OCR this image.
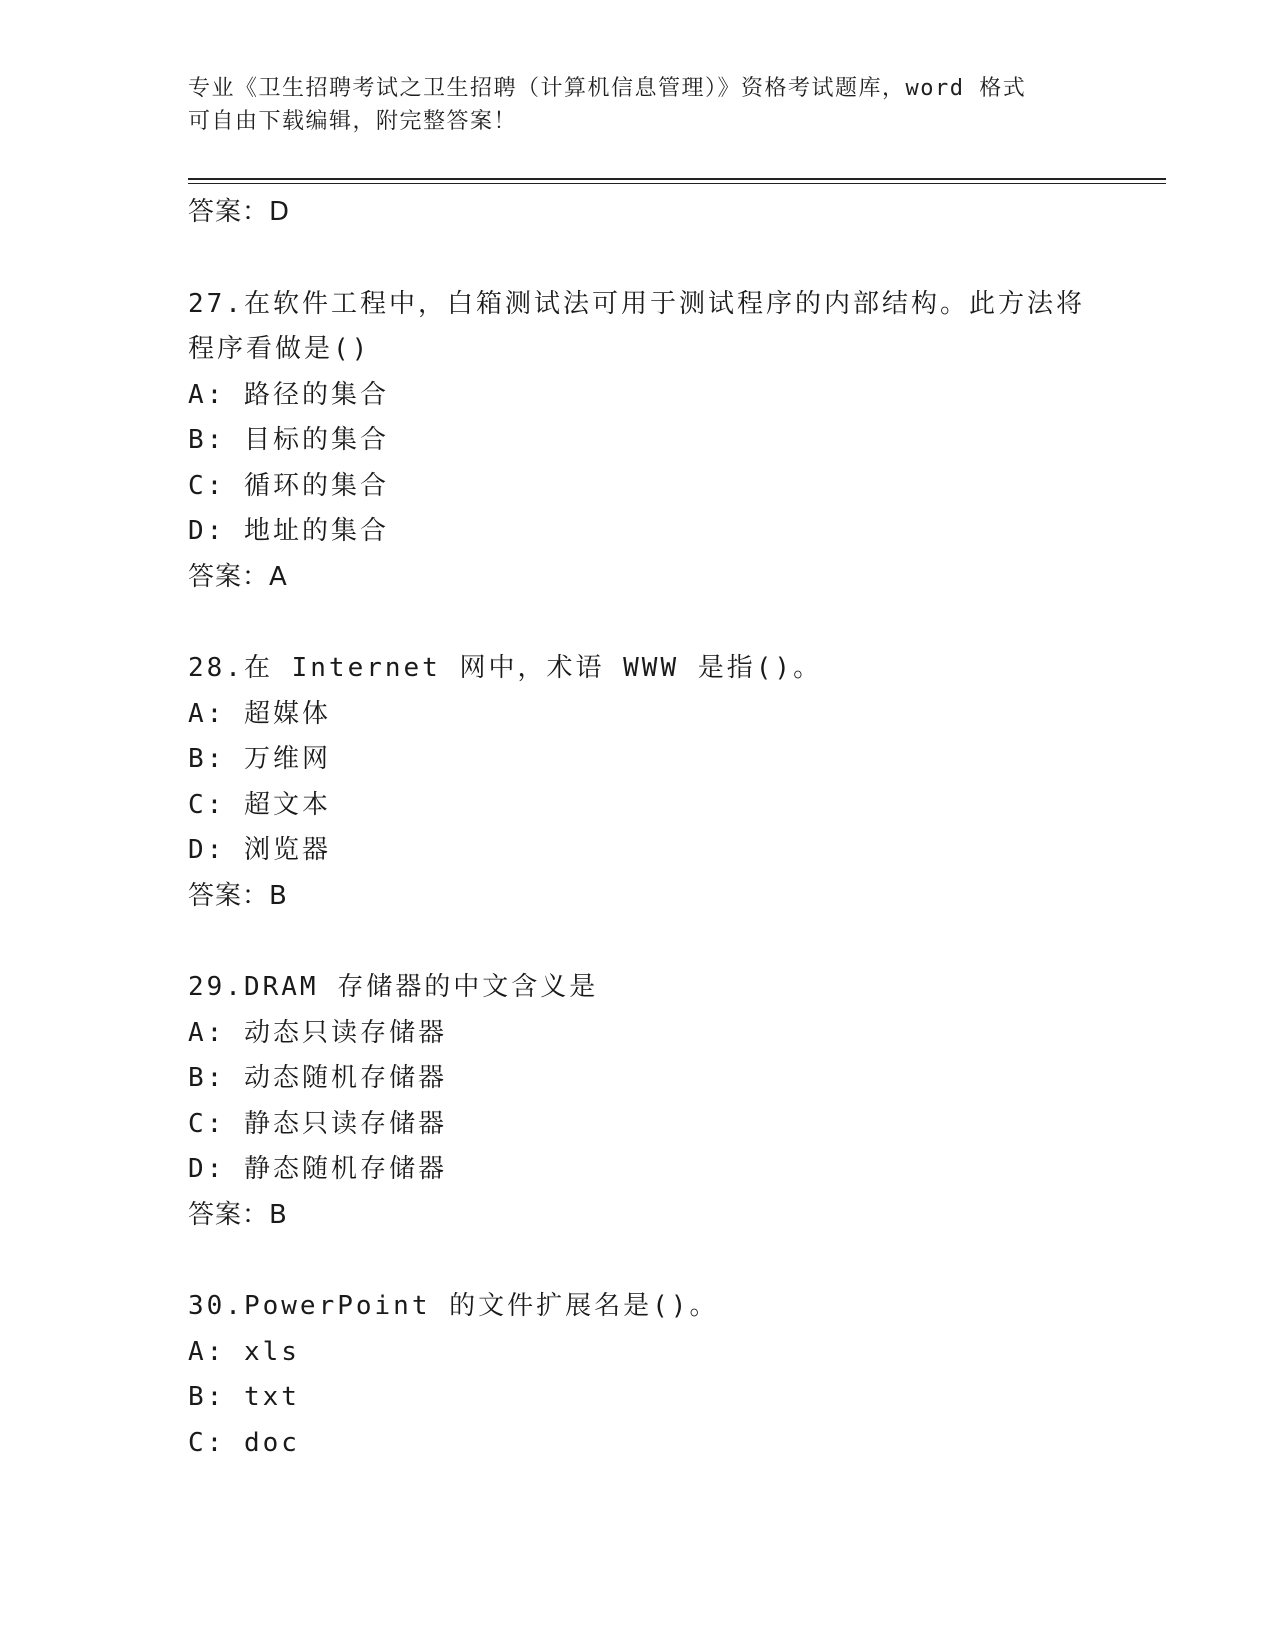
专业《卫生招聘考试之卫生招聘（计算机信息管理）》资格考试题库，word 格式
可自由下载编辑，附完整答案！
答案：D
27.在软件工程中，白箱测试法可用于测试程序的内部结构。此方法将
程序看做是()
A: 路径的集合
B: 目标的集合
C: 循环的集合
D: 地址的集合
答案：A
28.在 Internet 网中，术语 WWW 是指()。
A: 超媒体
B: 万维网
C: 超文本
D: 浏览器
答案：B
29.DRAM 存储器的中文含义是
A: 动态只读存储器
B: 动态随机存储器
C: 静态只读存储器
D: 静态随机存储器
答案：B
30.PowerPoint 的文件扩展名是()。
A: xls
B: txt
C: doc
